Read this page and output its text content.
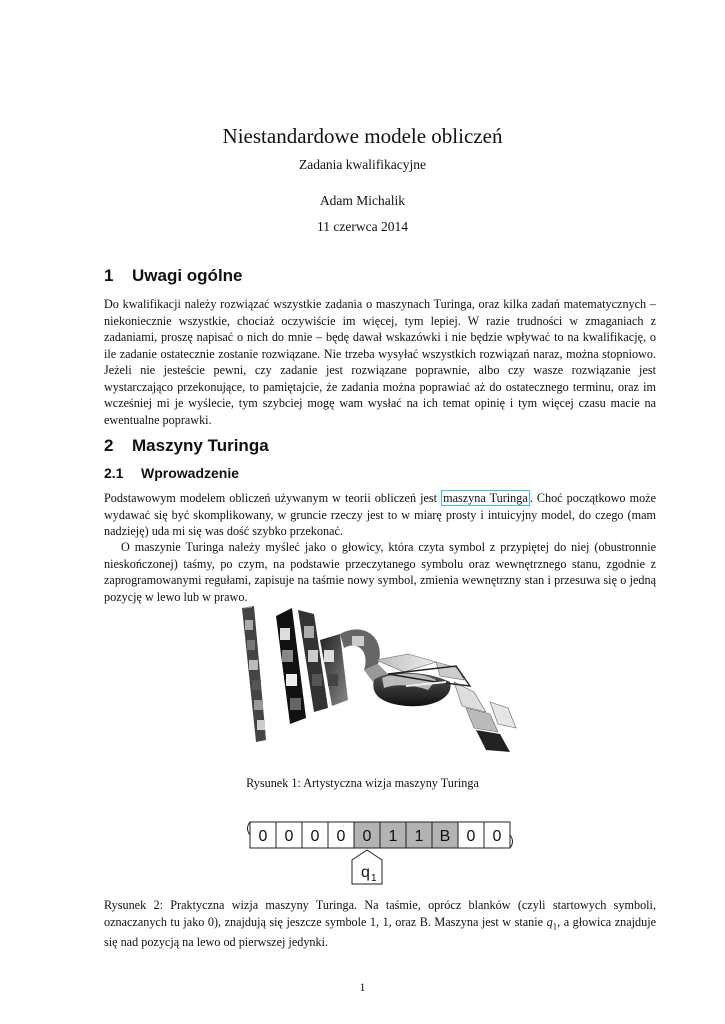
Niestandardowe modele obliczeń
Zadania kwalifikacyjne
Adam Michalik
11 czerwca 2014
1 Uwagi ogólne

Do kwalifikacji należy rozwiązać wszystkie zadania o maszynach Turinga, oraz kilka zadań matematycznych – niekoniecznie wszystkie, chociaż oczywiście im więcej, tym lepiej. W razie trudności w zmaganiach z zadaniami, proszę napisać o nich do mnie – będę dawał wskazówki i nie będzie wpływać to na kwalifikację, o ile zadanie ostatecznie zostanie rozwiązane. Nie trzeba wysyłać wszystkich rozwiązań naraz, można stopniowo. Jeżeli nie jesteście pewni, czy zadanie jest rozwiązane poprawnie, albo czy wasze rozwiązanie jest wystarczająco przekonujące, to pamiętajcie, że zadania można poprawiać aż do ostatecznego terminu, oraz im wcześniej mi je wyślecie, tym szybciej mogę wam wysłać na ich temat opinię i tym więcej czasu macie na ewentualne poprawki.

2 Maszyny Turinga
2.1 Wprowadzenie

Podstawowym modelem obliczeń używanym w teorii obliczeń jest maszyna Turinga . Choć początkowo może wydawać się być skomplikowany, w gruncie rzeczy jest to w miarę prosty i intuicyjny model, do czego (mam nadzieję) uda mi się was dość szybko przekonać.

O maszynie Turinga należy myśleć jako o głowicy, która czyta symbol z przypiętej do niej (obustronnie nieskończonej) taśmy, po czym, na podstawie przeczytanego symbolu oraz wewnętrznego stanu, zgodnie z zaprogramowanymi regułami, zapisuje na taśmie nowy symbol, zmienia wewnętrzny stan i przesuwa się o jedną pozycję w lewo lub w prawo.

Rysunek 1: Artystyczna wizja maszyny Turinga
0 0 0 0 0 1 1 B 0 0
q 1

Rysunek 2: Praktyczna wizja maszyny Turinga. Na taśmie, oprócz blanków (czyli startowych symboli, oznaczanych tu jako 0), znajdują się jeszcze symbole 1, 1, oraz B. Maszyna jest w stanie $q_1$, a głowica znajduje się nad pozycją na lewo od pierwszej jedynki.

1
